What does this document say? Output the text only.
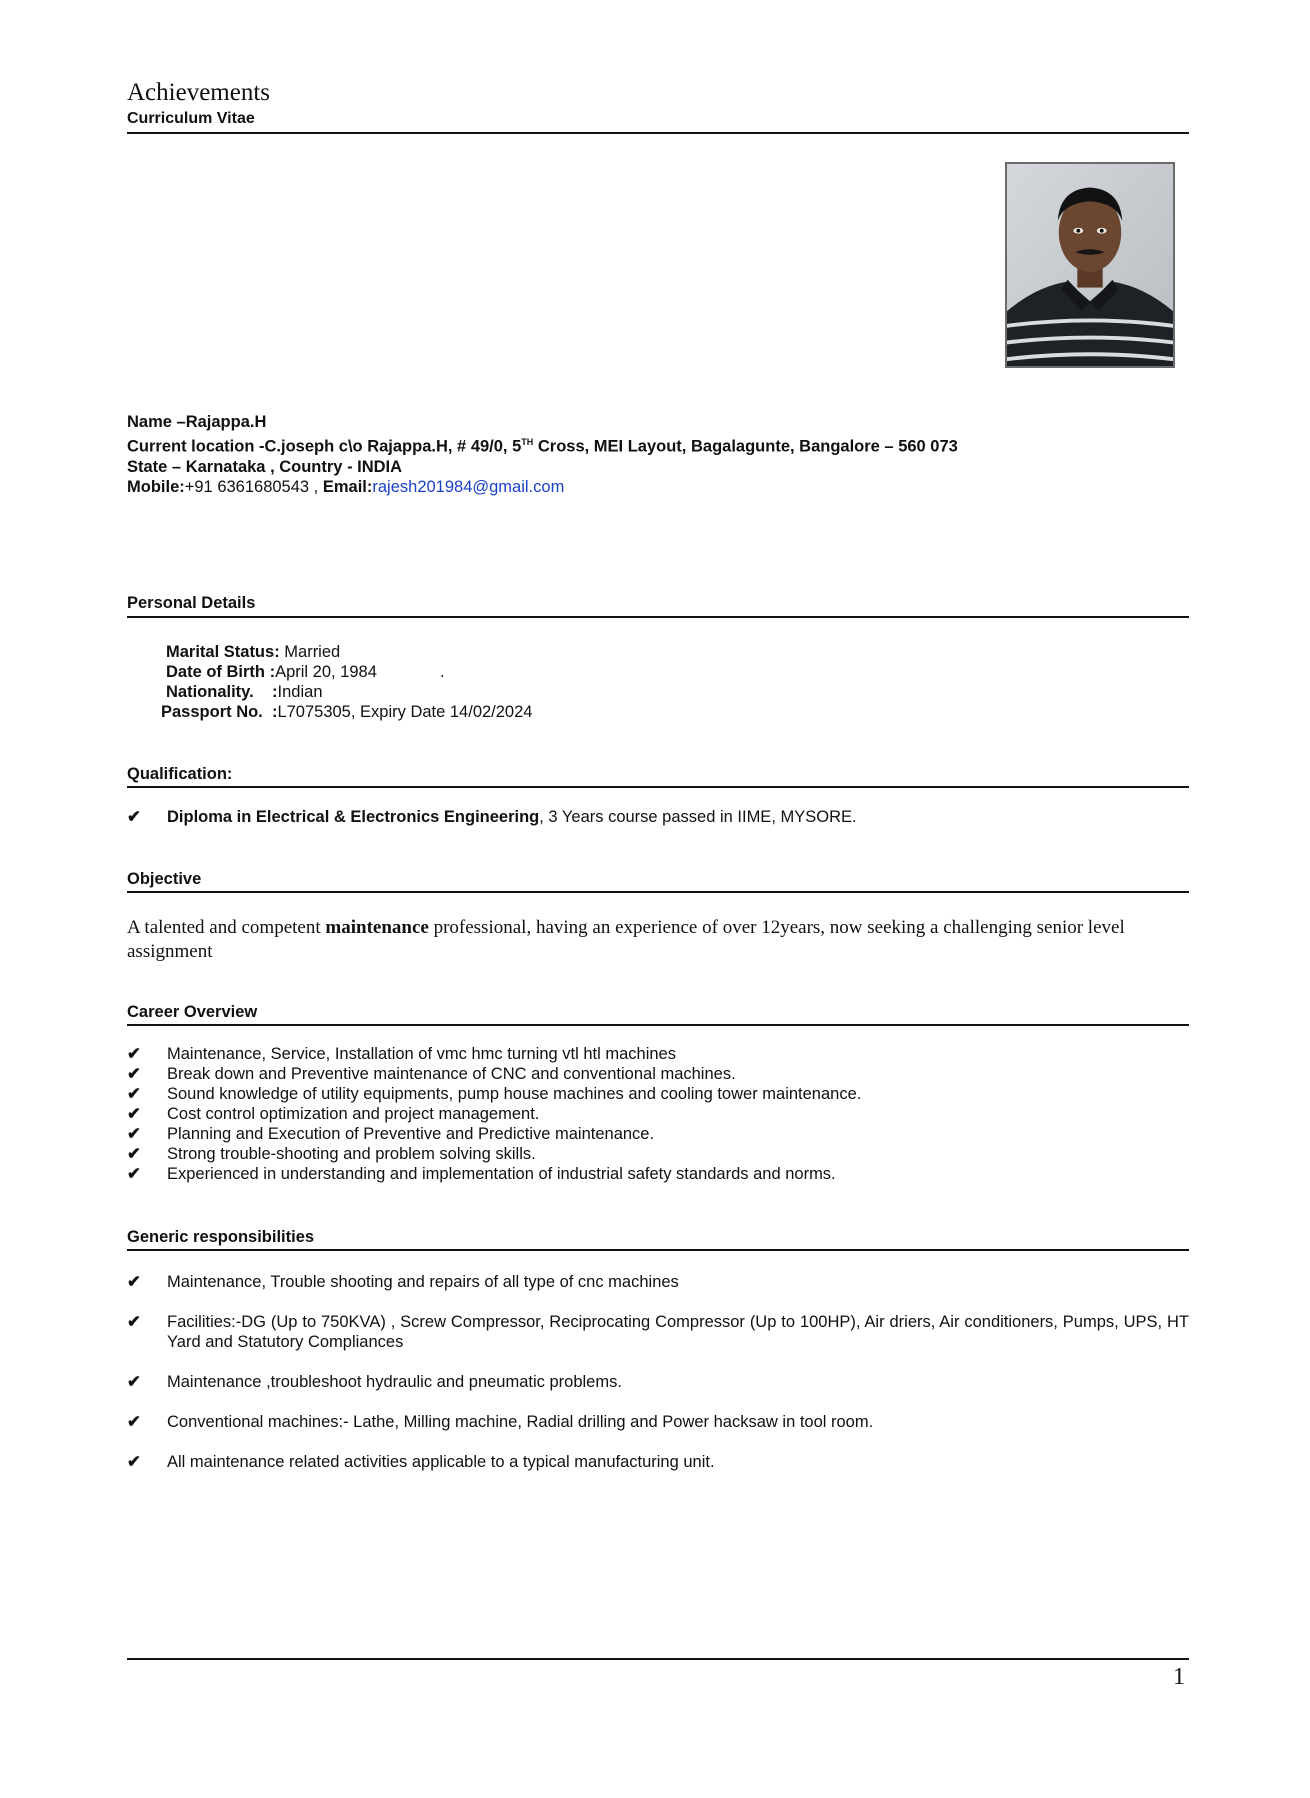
Achievements
Curriculum Vitae
Name –Rajappa.H
Current location -C.joseph c\o Rajappa.H, # 49/0, 5TH Cross, MEI Layout, Bagalagunte, Bangalore – 560 073
State – Karnataka , Country - INDIA
Mobile:+91 6361680543 , Email:rajesh201984@gmail.com
Personal Details
Marital Status: Married
Date of Birth :April 20, 1984	.
Nationality.    :Indian
Passport No.  :L7075305, Expiry Date 14/02/2024
Qualification:
✔	Diploma in Electrical & Electronics Engineering, 3 Years course passed in IIME, MYSORE.
Objective
A talented and competent maintenance professional, having an experience of over 12years, now seeking a challenging senior level assignment
Career Overview
✔	Maintenance, Service, Installation of vmc hmc turning vtl htl machines
✔	Break down and Preventive maintenance of CNC and conventional machines.
✔	Sound knowledge of utility equipments, pump house machines and cooling tower maintenance.
✔	Cost control optimization and project management.
✔	Planning and Execution of Preventive and Predictive maintenance.
✔	Strong trouble-shooting and problem solving skills.
✔	Experienced in understanding and implementation of industrial safety standards and norms.
Generic responsibilities
✔	Maintenance, Trouble shooting and repairs of all type of cnc machines
✔	Facilities:-DG (Up to 750KVA) , Screw Compressor, Reciprocating Compressor (Up to 100HP), Air driers, Air conditioners, Pumps, UPS, HT Yard and Statutory Compliances
✔	Maintenance ,troubleshoot hydraulic and pneumatic problems.
✔	Conventional machines:- Lathe, Milling machine, Radial drilling and Power hacksaw in tool room.
✔	All maintenance related activities applicable to a typical manufacturing unit.
1
